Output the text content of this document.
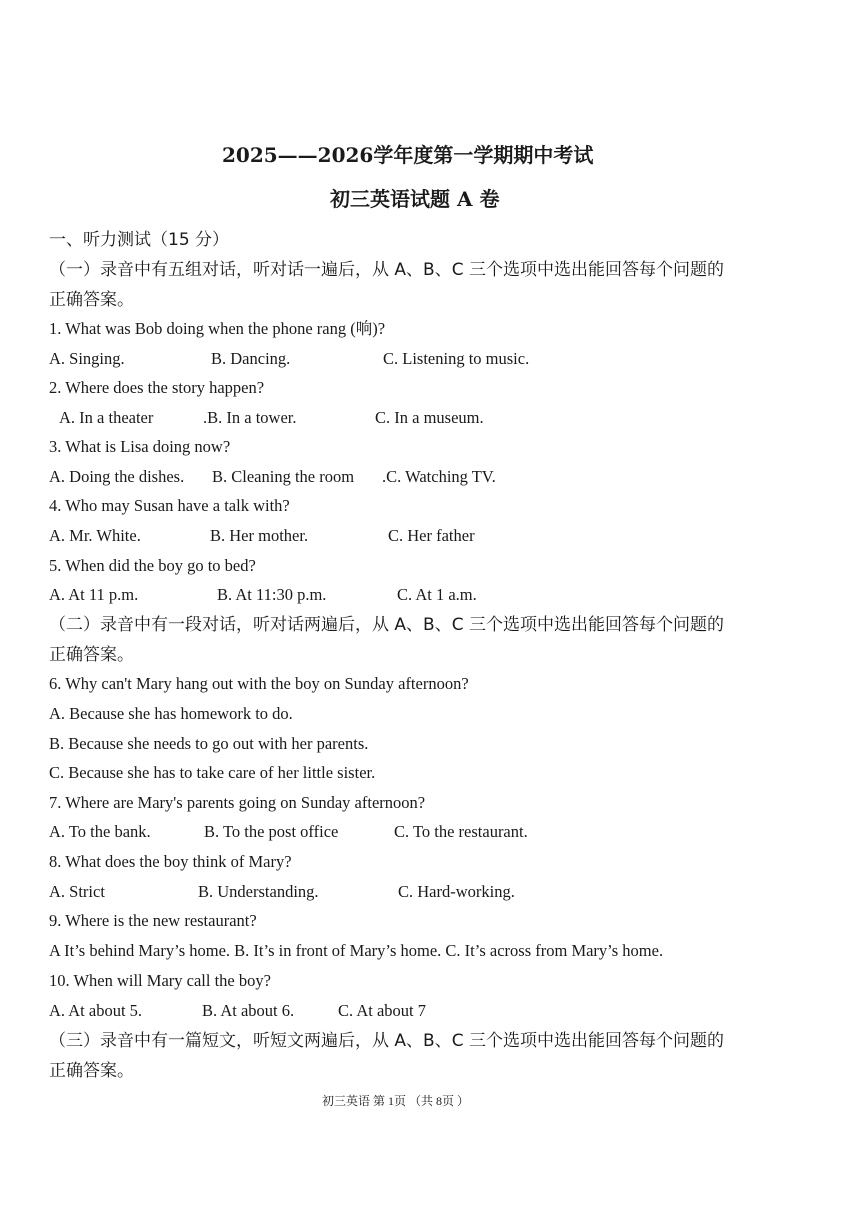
2025——2026学年度第一学期期中考试
初三英语试题 A 卷
一、听力测试（15 分）
（一）录音中有五组对话，听对话一遍后，从 A、B、C 三个选项中选出能回答每个问题的
正确答案。
1. What was Bob doing when the phone rang (响)?
A. Singing.	B. Dancing.	C. Listening to music.
2. Where does the story happen?
A. In a theater	.B. In a tower.	C. In a museum.
3. What is Lisa doing now?
A. Doing the dishes. B. Cleaning the room .C. Watching TV.
4. Who may Susan have a talk with?
A. Mr. White.	B. Her mother.	C. Her father
5. When did the boy go to bed?
A. At 11 p.m.	B. At 11:30 p.m.	C. At 1 a.m.
（二）录音中有一段对话，听对话两遍后，从 A、B、C 三个选项中选出能回答每个问题的
正确答案。
6. Why can't Mary hang out with the boy on Sunday afternoon?
A. Because she has homework to do.
B. Because she needs to go out with her parents.
C. Because she has to take care of her little sister.
7. Where are Mary's parents going on Sunday afternoon?
A. To the bank.	B. To the post office	C. To the restaurant.
8. What does the boy think of Mary?
A. Strict	B. Understanding.	C. Hard-working.
9. Where is the new restaurant?
A It’s behind Mary’s home. B. It’s in front of Mary’s home. C. It’s across from Mary’s home.
10. When will Mary call the boy?
A. At about 5.	B. At about 6.	C. At about 7
（三）录音中有一篇短文，听短文两遍后，从 A、B、C 三个选项中选出能回答每个问题的
正确答案。
初三英语 第 1页 （共 8页 ）
